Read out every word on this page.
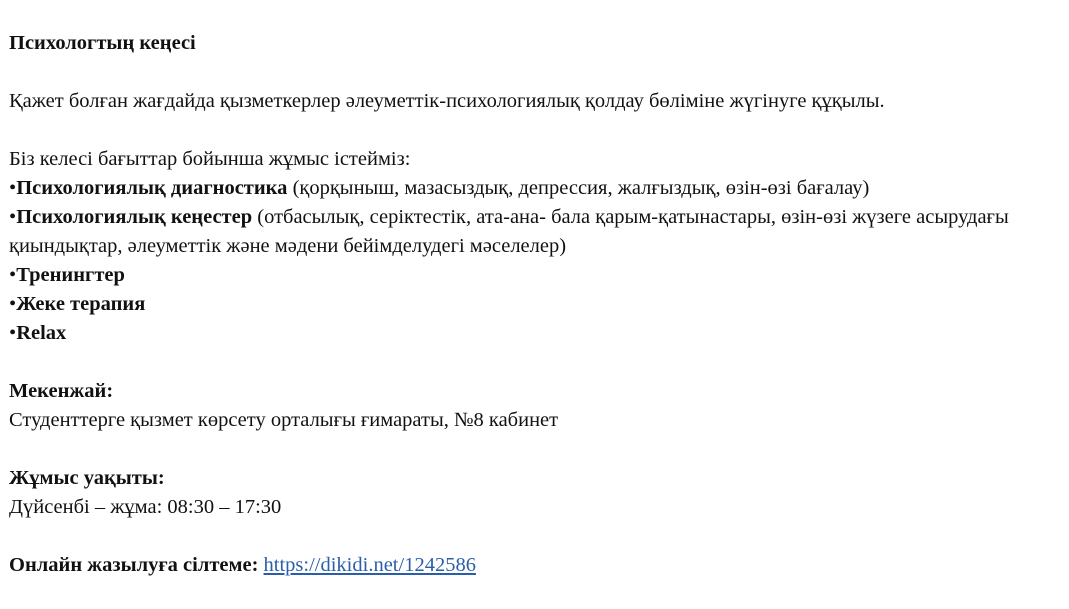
Психологтың кеңесі
Қажет болған жағдайда қызметкерлер әлеуметтік-психологиялық қолдау бөліміне жүгінуге құқылы.
Біз келесі бағыттар бойынша жұмыс істейміз:
•Психологиялық диагностика (қорқыныш, мазасыздық, депрессия, жалғыздық, өзін-өзі бағалау)
•Психологиялық кеңестер (отбасылық, серіктестік, ата-ана- бала қарым-қатынастары, өзін-өзі жүзеге асырудағы қиындықтар, әлеуметтік және мәдени бейімделудегі мәселелер)
•Тренингтер
•Жеке терапия
•Relax
Мекенжай:
Студенттерге қызмет көрсету орталығы ғимараты, №8 кабинет
Жұмыс уақыты:
Дүйсенбі – жұма: 08:30 – 17:30
Онлайн жазылуға сілтеме: https://dikidi.net/1242586
